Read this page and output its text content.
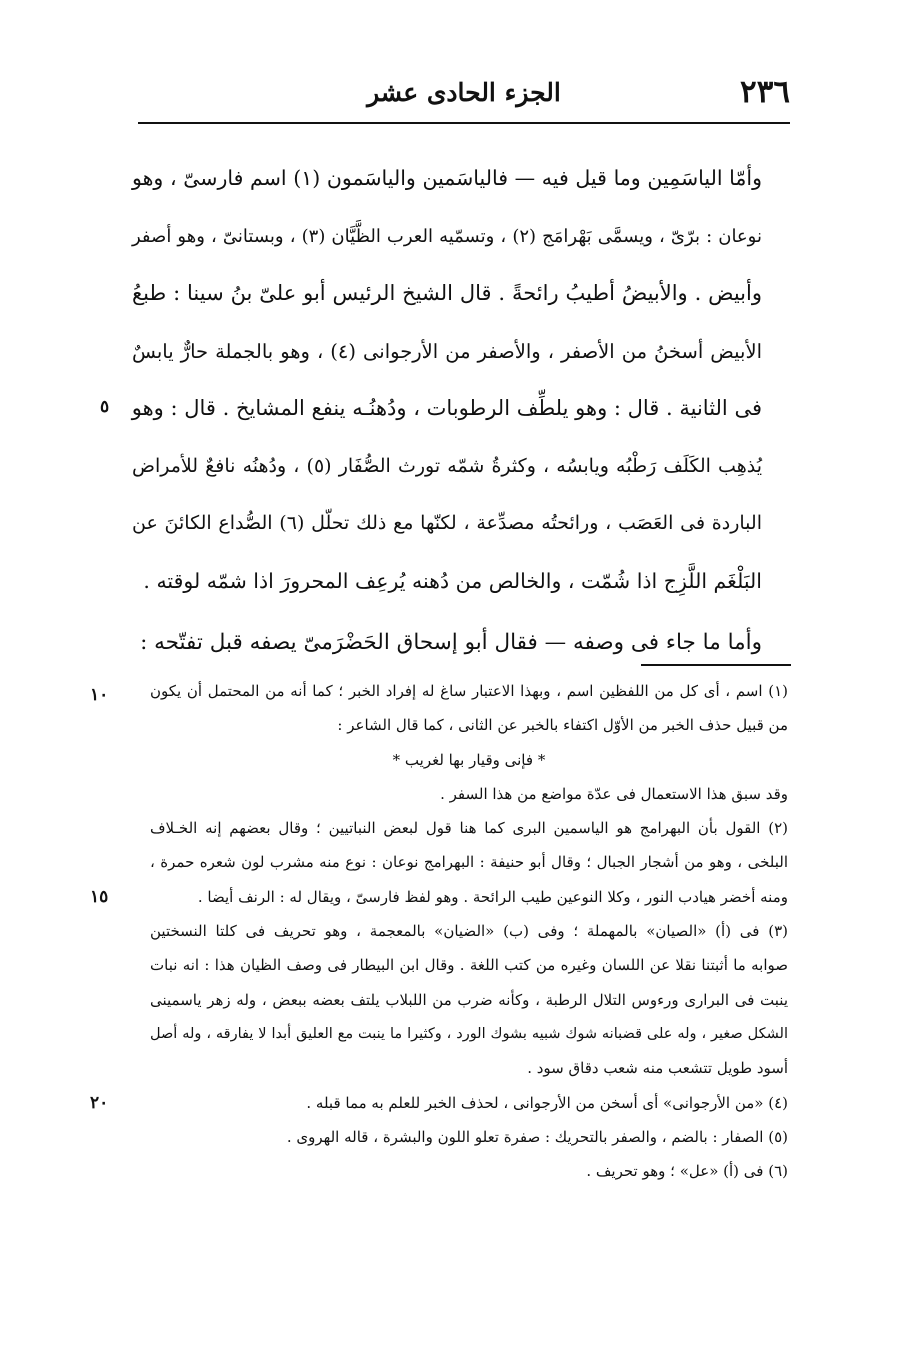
٢٣٦
الجزء الحادى عشر
وأمّا الياسَمِين وما قيل فيه — فالياسَمين والياسَمون (١) اسم فارسىّ ، وهو
نوعان : برّىّ ، ويسمَّى بَهْرامَج (٢) ، وتسمّيه العرب الظَّيَّان (٣) ، وبستانىّ ، وهو أصفر
وأبيض . والأبيضُ أطيبُ رائحةً . قال الشيخ الرئيس أبو علىّ بنُ سينا : طبعُ
الأبيض أسخنُ من الأصفر ، والأصفر من الأرجوانى (٤) ، وهو بالجملة حارٌّ يابسٌ
فى الثانية . قال : وهو يلطِّف الرطوبات ، ودُهنُـه ينفع المشايخ . قال : وهو
يُذهِب الكَلَف رَطْبُه ويابسُه ، وكثرةُ شمّه تورث الصُّفَار (٥) ، ودُهنُه نافعٌ للأمراض
الباردة فى العَصَب ، ورائحتُه مصدِّعة ، لكنّها مع ذلك تحلّل (٦) الصُّداع الكائنَ عن
البَلْغَم اللَّزِج اذا شُمّت ، والخالص من دُهنه يُرعِف المحرورَ اذا شمّه لوقته .
وأما ما جاء فى وصفه — فقال أبو إسحاق الحَضْرَمىّ يصفه قبل تفتّحه :
(١) اسم ، أى كل من اللفظين اسم ، وبهذا الاعتبار ساغ له إفراد الخبر ؛ كما أنه من المحتمل أن يكون
من قبيل حذف الخبر من الأوّل اكتفاء بالخبر عن الثانى ، كما قال الشاعر :
* فإنى وقيار بها لغريب *
وقد سبق هذا الاستعمال فى عدّة مواضع من هذا السفر .
(٢) القول بأن البهرامج هو الياسمين البرى كما هنا قول لبعض النباتيين ؛ وقال بعضهم إنه الخـلاف
البلخى ، وهو من أشجار الجبال ؛ وقال أبو حنيفة : البهرامج نوعان : نوع منه مشرب لون شعره حمرة ،
ومنه أخضر هيادب النور ، وكلا النوعين طيب الرائحة . وهو لفظ فارسىّ ، ويقال له : الرنف أيضا .
(٣) فى (أ) «الصيان» بالمهملة ؛ وفى (ب) «الضيان» بالمعجمة ، وهو تحريف فى كلتا النسختين
صوابه ما أثبتنا نقلا عن اللسان وغيره من كتب اللغة . وقال ابن البيطار فى وصف الظيان هذا : انه نبات
ينبت فى البرارى ورءوس التلال الرطبة ، وكأنه ضرب من اللبلاب يلتف بعضه ببعض ، وله زهر ياسمينى
الشكل صغير ، وله على قضبانه شوك شبيه بشوك الورد ، وكثيرا ما ينبت مع العليق أبدا لا يفارقه ، وله أصل
أسود طويل تتشعب منه شعب دقاق سود .
(٤) «من الأرجوانى» أى أسخن من الأرجوانى ، لحذف الخبر للعلم به مما قبله .
(٥) الصفار : بالضم ، والصفر بالتحريك : صفرة تعلو اللون والبشرة ، قاله الهروى .
(٦) فى (أ) «عل» ؛ وهو تحريف .
٥
١٠
١٥
٢٠
